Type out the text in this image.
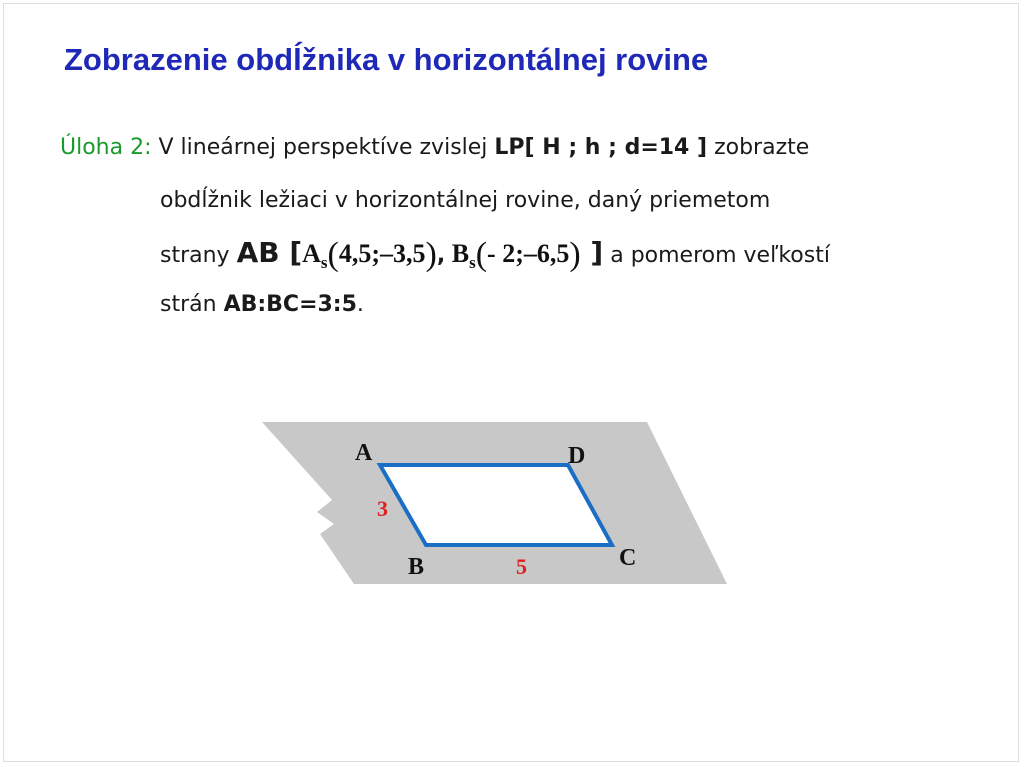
Zobrazenie obdĺžnika v horizontálnej rovine
Úloha 2: V lineárnej perspektíve zvislej LP[ H ; h ; d=14 ] zobrazte
obdĺžnik ležiaci v horizontálnej rovine, daný priemetom
strany AB [$A_s(4,5;-3,5)$, $B_s(-$ 2;–6,5) ] a pomerom veľkostí
strán AB:BC=3:5.
A	D
B	C
3
5
